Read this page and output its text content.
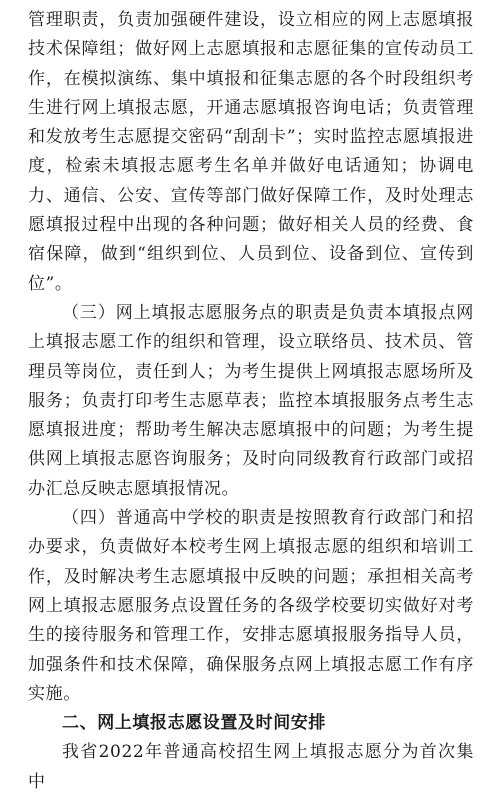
管理职责，负责加强硬件建设，设立相应的网上志愿填报技术保障组；做好网上志愿填报和志愿征集的宣传动员工作，在模拟演练、集中填报和征集志愿的各个时段组织考生进行网上填报志愿，开通志愿填报咨询电话；负责管理和发放考生志愿提交密码“刮刮卡”；实时监控志愿填报进度，检索未填报志愿考生名单并做好电话通知；协调电力、通信、公安、宣传等部门做好保障工作，及时处理志愿填报过程中出现的各种问题；做好相关人员的经费、食宿保障，做到“组织到位、人员到位、设备到位、宣传到位”。

（三）网上填报志愿服务点的职责是负责本填报点网上填报志愿工作的组织和管理，设立联络员、技术员、管理员等岗位，责任到人；为考生提供上网填报志愿场所及服务；负责打印考生志愿草表；监控本填报服务点考生志愿填报进度；帮助考生解决志愿填报中的问题；为考生提供网上填报志愿咨询服务；及时向同级教育行政部门或招办汇总反映志愿填报情况。

（四）普通高中学校的职责是按照教育行政部门和招办要求，负责做好本校考生网上填报志愿的组织和培训工作，及时解决考生志愿填报中反映的问题；承担相关高考网上填报志愿服务点设置任务的各级学校要切实做好对考生的接待服务和管理工作，安排志愿填报服务指导人员，加强条件和技术保障，确保服务点网上填报志愿工作有序实施。

二、网上填报志愿设置及时间安排

我省2022年普通高校招生网上填报志愿分为首次集中
